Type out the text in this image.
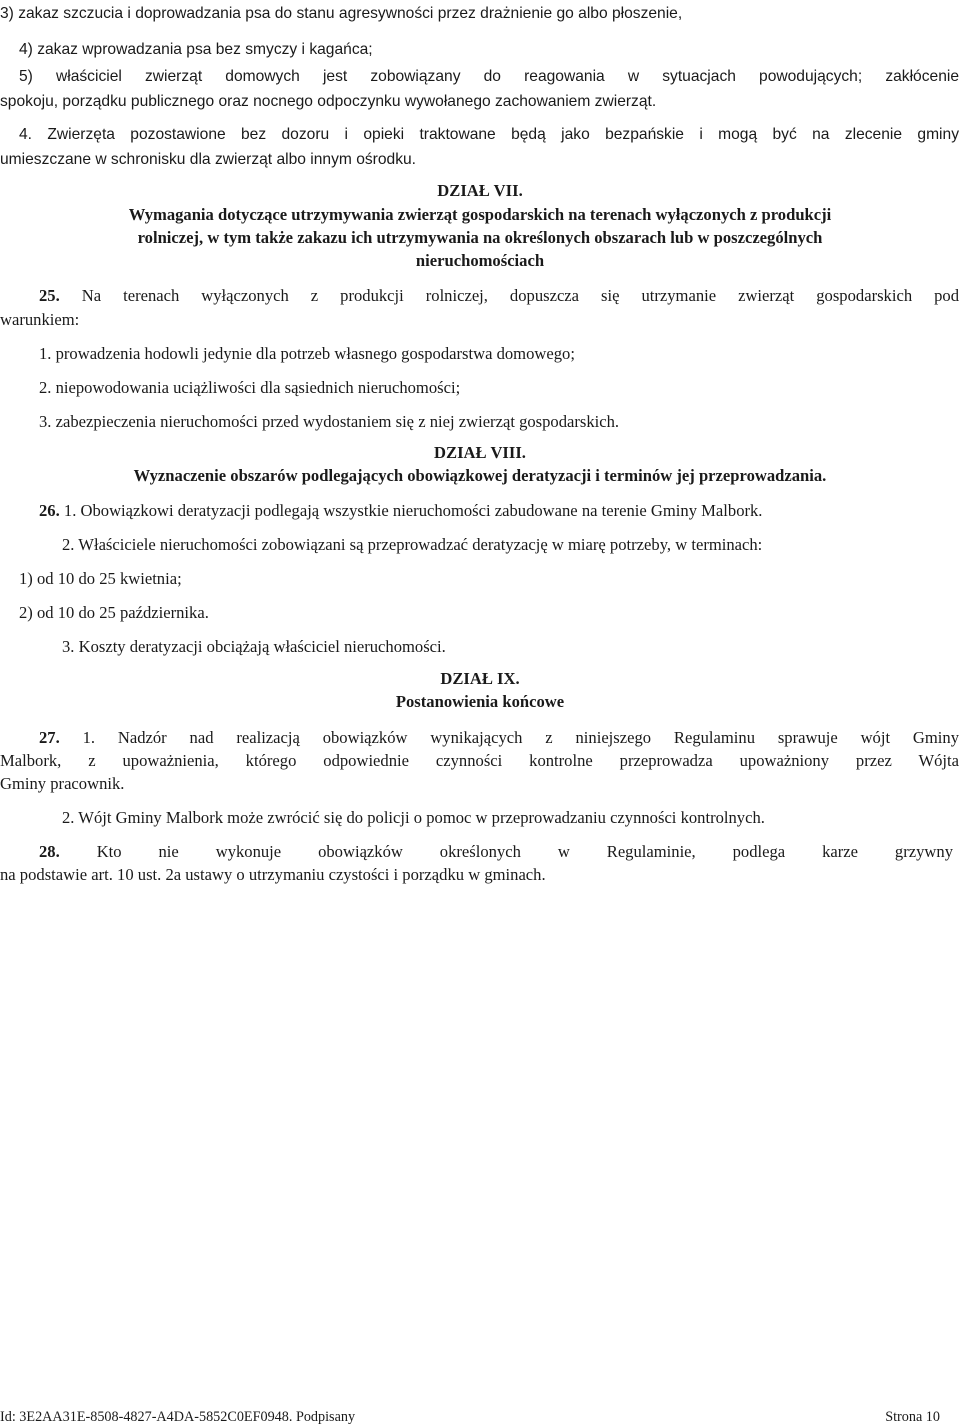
3) zakaz szczucia i doprowadzania psa do stanu agresywności przez drażnienie go albo płoszenie,
4) zakaz wprowadzania psa bez smyczy i kagańca;
5) właściciel zwierząt domowych jest zobowiązany do reagowania w sytuacjach powodujących; zakłócenie
spokoju, porządku publicznego oraz nocnego odpoczynku wywołanego zachowaniem zwierząt.
4. Zwierzęta pozostawione bez dozoru i opieki traktowane będą jako bezpańskie i mogą być na zlecenie gminy
umieszczane w schronisku dla zwierząt albo innym ośrodku.
DZIAŁ VII.
Wymagania dotyczące utrzymywania zwierząt gospodarskich na terenach wyłączonych z produkcji
rolniczej, w tym także zakazu ich utrzymywania na określonych obszarach lub w poszczególnych
nieruchomościach
25. Na terenach wyłączonych z produkcji rolniczej, dopuszcza się utrzymanie zwierząt gospodarskich pod
warunkiem:
1. prowadzenia hodowli jedynie dla potrzeb własnego gospodarstwa domowego;
2. niepowodowania uciążliwości dla sąsiednich nieruchomości;
3. zabezpieczenia nieruchomości przed wydostaniem się z niej zwierząt gospodarskich.
DZIAŁ VIII.
Wyznaczenie obszarów podlegających obowiązkowej deratyzacji i terminów jej przeprowadzania.
26. 1. Obowiązkowi deratyzacji podlegają wszystkie nieruchomości zabudowane na terenie Gminy Malbork.
2. Właściciele nieruchomości zobowiązani są przeprowadzać deratyzację w miarę potrzeby, w terminach:
1) od 10 do 25 kwietnia;
2) od 10 do 25 października.
3. Koszty deratyzacji obciążają właściciel nieruchomości.
DZIAŁ IX.
Postanowienia końcowe
27. 1. Nadzór nad realizacją obowiązków wynikających z niniejszego Regulaminu sprawuje wójt Gminy
Malbork, z upoważnienia, którego odpowiednie czynności kontrolne przeprowadza upoważniony przez Wójta
Gminy pracownik.
2. Wójt Gminy Malbork może zwrócić się do policji o pomoc w przeprowadzaniu czynności kontrolnych.
28. Kto nie wykonuje obowiązków określonych w Regulaminie, podlega karze grzywny
na podstawie art. 10 ust. 2a ustawy o utrzymaniu czystości i porządku w gminach.
Id: 3E2AA31E-8508-4827-A4DA-5852C0EF0948. Podpisany	Strona 10
